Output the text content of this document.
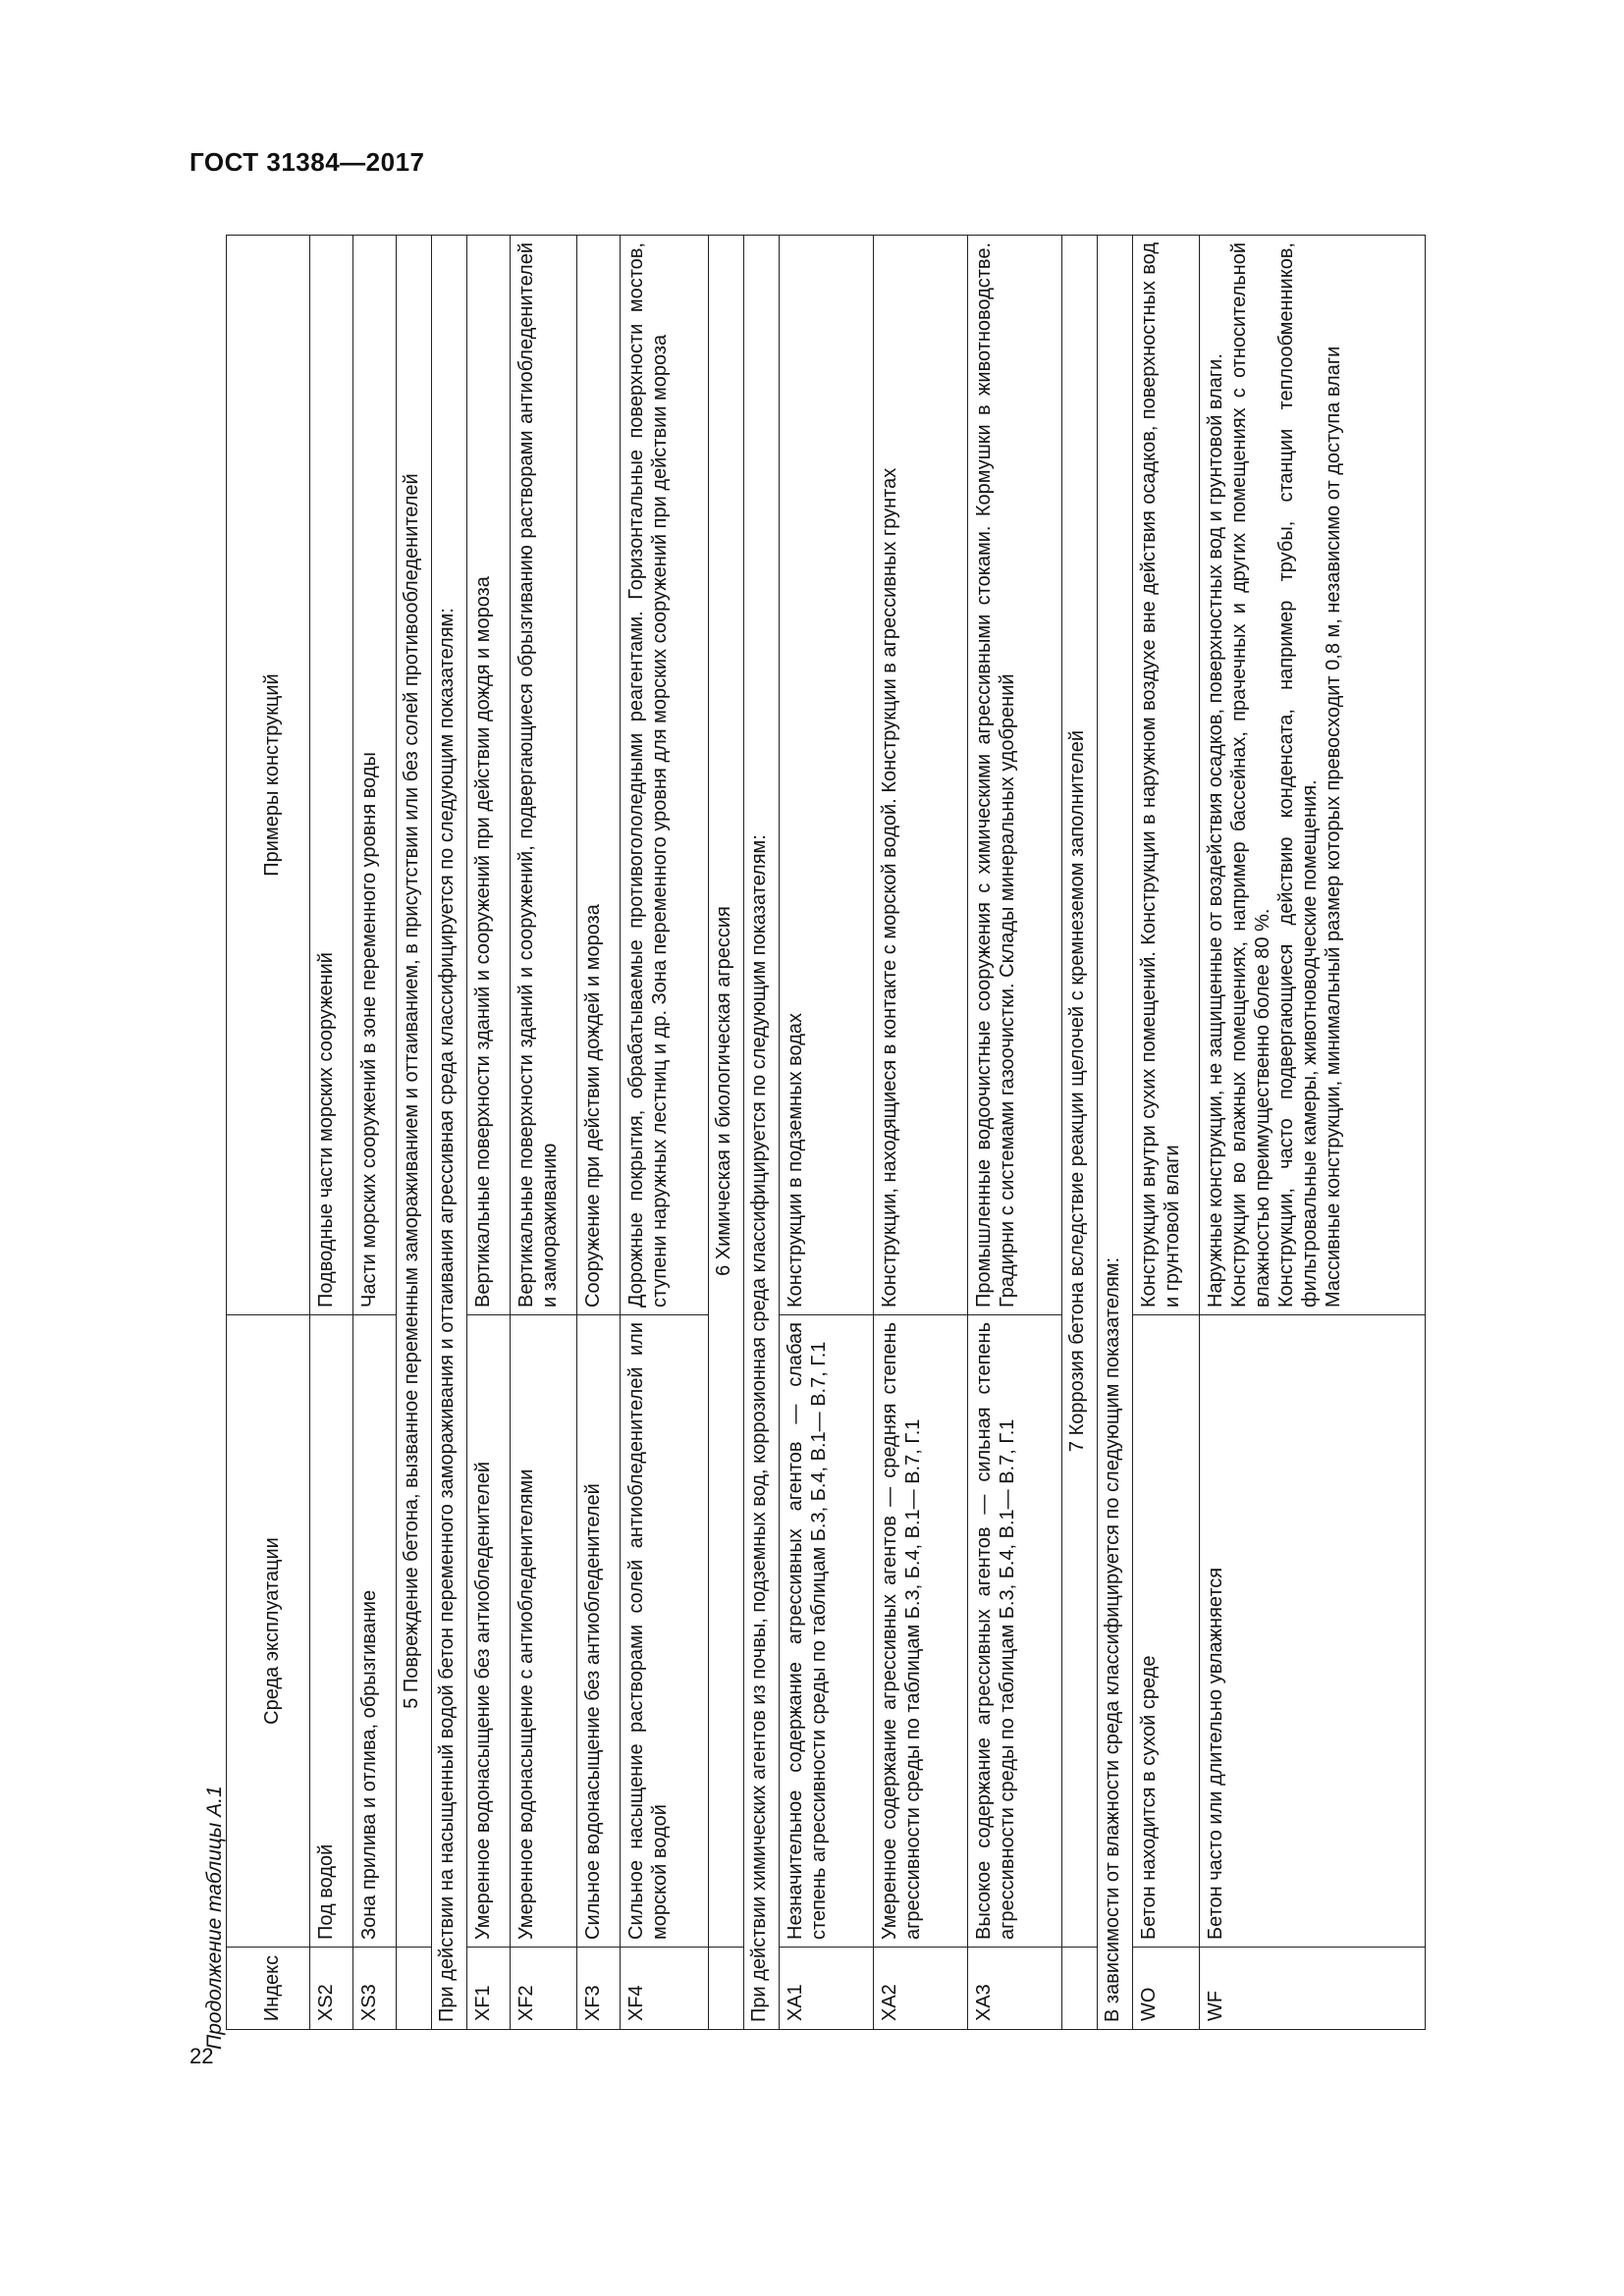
ГОСТ 31384—2017
22
Продолжение таблицы А.1 Индекс	Среда эксплуатации	Примеры конструкций
XS2	Под водой	Подводные части морских сооружений
XS3	Зона прилива и отлива, обрызгивание	Части морских сооружений в зоне переменного уровня воды
	5 Повреждение бетона, вызванное переменным замораживанием и оттаиванием, в присутствии или без солей противообледенителей	
При действии на насыщенный водой бетон переменного замораживания и оттаивания агрессивная среда классифицируется по следующим показателям:		
XF1	Умеренное водонасыщение без антиобледенителей	Вертикальные поверхности зданий и сооружений при действии дождя и мороза
XF2	Умеренное водонасыщение с антиобледенителями	Вертикальные поверхности зданий и сооружений, подвергающиеся обрызгиванию растворами антиобледенителей и замораживанию
XF3	Сильное водонасыщение без антиобледенителей	Сооружение при действии дождей и мороза
XF4	Сильное насыщение растворами солей антиобледенителей или морской водой	Дорожные покрытия, обрабатываемые противогололедными реагентами. Горизонтальные поверхности мостов, ступени наружных лестниц и др. Зона переменного уровня для морских сооружений при действии мороза
	6 Химическая и биологическая агрессия	
При действии химических агентов из почвы, подземных вод, коррозионная среда классифицируется по следующим показателям:		
XA1	Незначительное содержание агрессивных агентов — слабая степень агрессивности среды по таблицам Б.3, Б.4, В.1— В.7, Г.1	Конструкции в подземных водах
XA2	Умеренное содержание агрессивных агентов — средняя степень агрессивности среды по таблицам Б.3, Б.4, В.1— В.7, Г.1	Конструкции, находящиеся в контакте с морской водой. Конструкции в агрессивных грунтах
XA3	Высокое содержание агрессивных агентов — сильная степень агрессивности среды по таблицам Б.3, Б.4, В.1— В.7, Г.1	Промышленные водоочистные сооружения с химическими агрессивными стоками. Кормушки в животноводстве. Градирни с системами газоочистки. Склады минеральных удобрений
	7 Коррозия бетона вследствие реакции щелочей с кремнеземом заполнителей	
В зависимости от влажности среда классифицируется по следующим показателям:		
WO	Бетон находится в сухой среде	Конструкции внутри сухих помещений. Конструкции в наружном воздухе вне действия осадков, поверхностных вод и грунтовой влаги
WF	Бетон часто или длительно увлажняется	Наружные конструкции, не защищенные от воздействия осадков, поверхностных вод и грунтовой влаги. Конструкции во влажных помещениях, например бассейнах, прачечных и других помещениях с относительной влажностью преимущественно более 80 %. Конструкции, часто подвергающиеся действию конденсата, например трубы, станции теплообменников, фильтровальные камеры, животноводческие помещения. Массивные конструкции, минимальный размер которых превосходит 0,8 м, независимо от доступа влаги
